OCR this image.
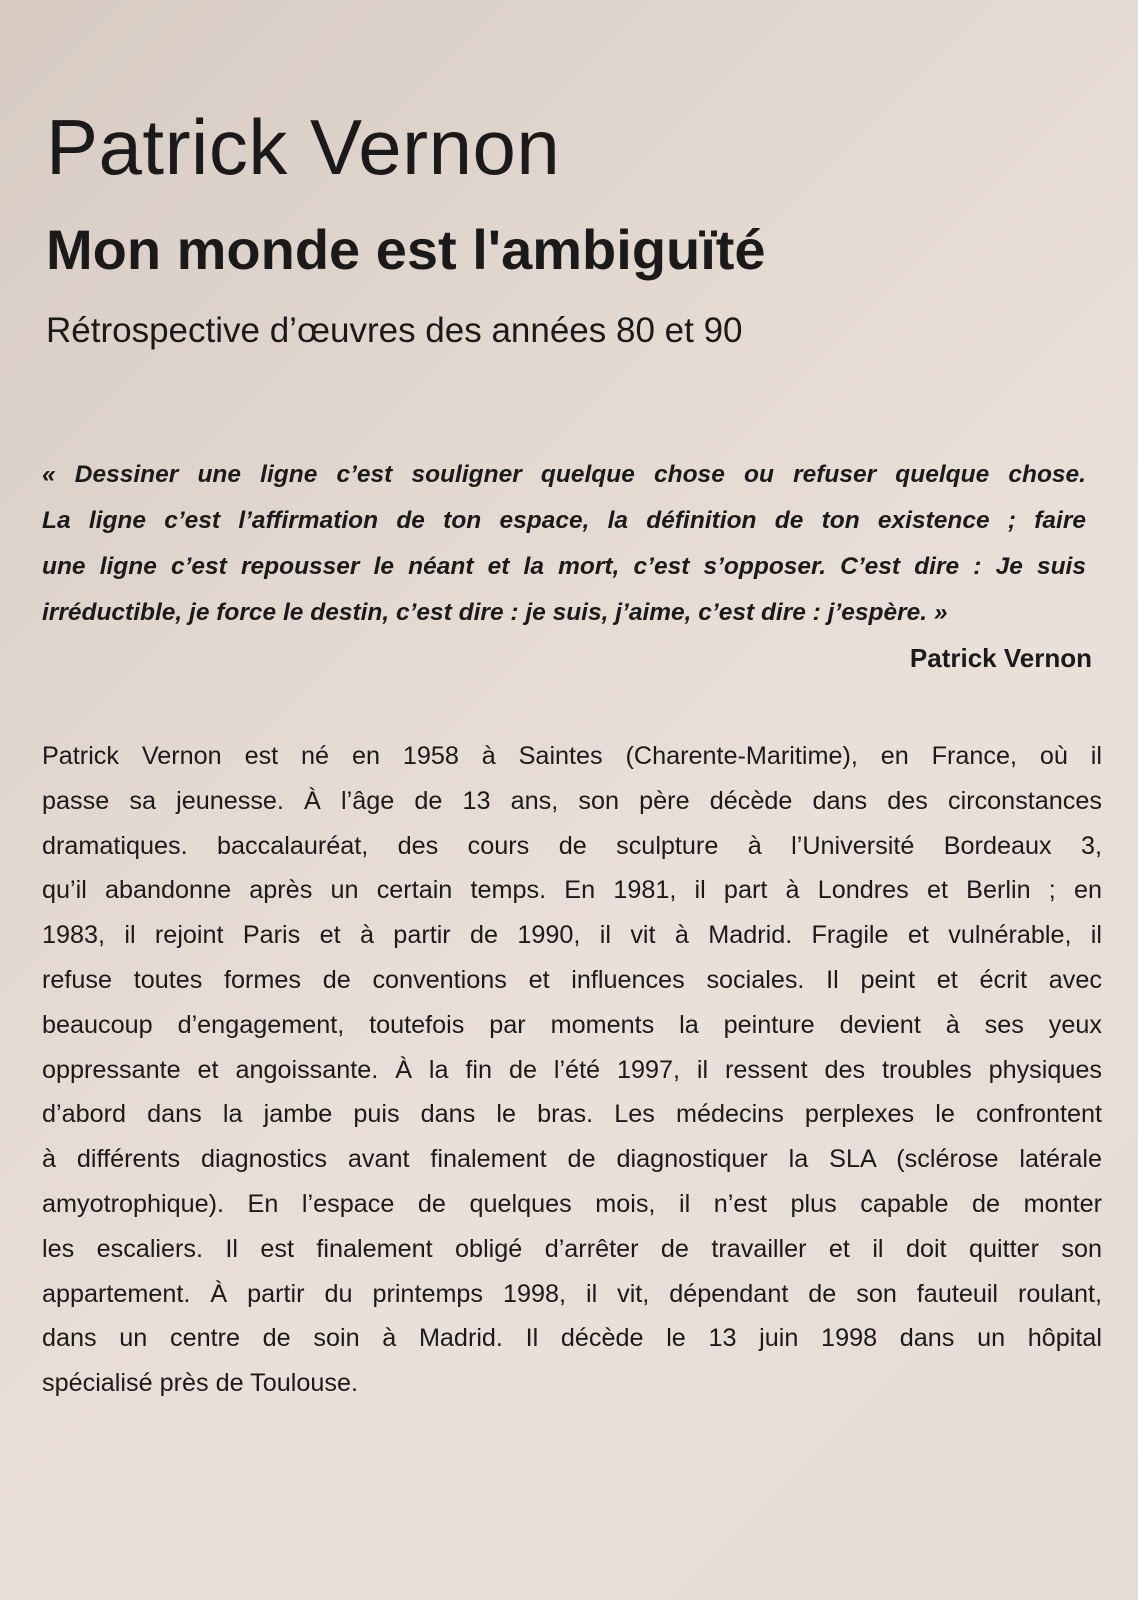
Patrick Vernon
Mon monde est l'ambiguïté

Rétrospective d’œuvres des années 80 et 90

« Dessiner une ligne c’est souligner quelque chose ou refuser quelque chose.
La ligne c’est l’affirmation de ton espace, la définition de ton existence ; faire
une ligne c’est repousser le néant et la mort, c’est s’opposer. C’est dire : Je suis
irréductible, je force le destin, c’est dire : je suis, j’aime, c’est dire : j’espère. »

Patrick Vernon

Patrick Vernon est né en 1958 à Saintes (Charente-Maritime), en France, où il
passe sa jeunesse. À l’âge de 13 ans, son père décède dans des circonstances
dramatiques. baccalauréat, des cours de sculpture à l’Université Bordeaux 3,
qu’il abandonne après un certain temps. En 1981, il part à Londres et Berlin ; en
1983, il rejoint Paris et à partir de 1990, il vit à Madrid. Fragile et vulnérable, il
refuse toutes formes de conventions et influences sociales. Il peint et écrit avec
beaucoup d’engagement, toutefois par moments la peinture devient à ses yeux
oppressante et angoissante. À la fin de l’été 1997, il ressent des troubles physiques
d’abord dans la jambe puis dans le bras. Les médecins perplexes le confrontent
à différents diagnostics avant finalement de diagnostiquer la SLA (sclérose latérale
amyotrophique). En l’espace de quelques mois, il n’est plus capable de monter
les escaliers. Il est finalement obligé d’arrêter de travailler et il doit quitter son
appartement. À partir du printemps 1998, il vit, dépendant de son fauteuil roulant,
dans un centre de soin à Madrid. Il décède le 13 juin 1998 dans un hôpital
spécialisé près de Toulouse.
